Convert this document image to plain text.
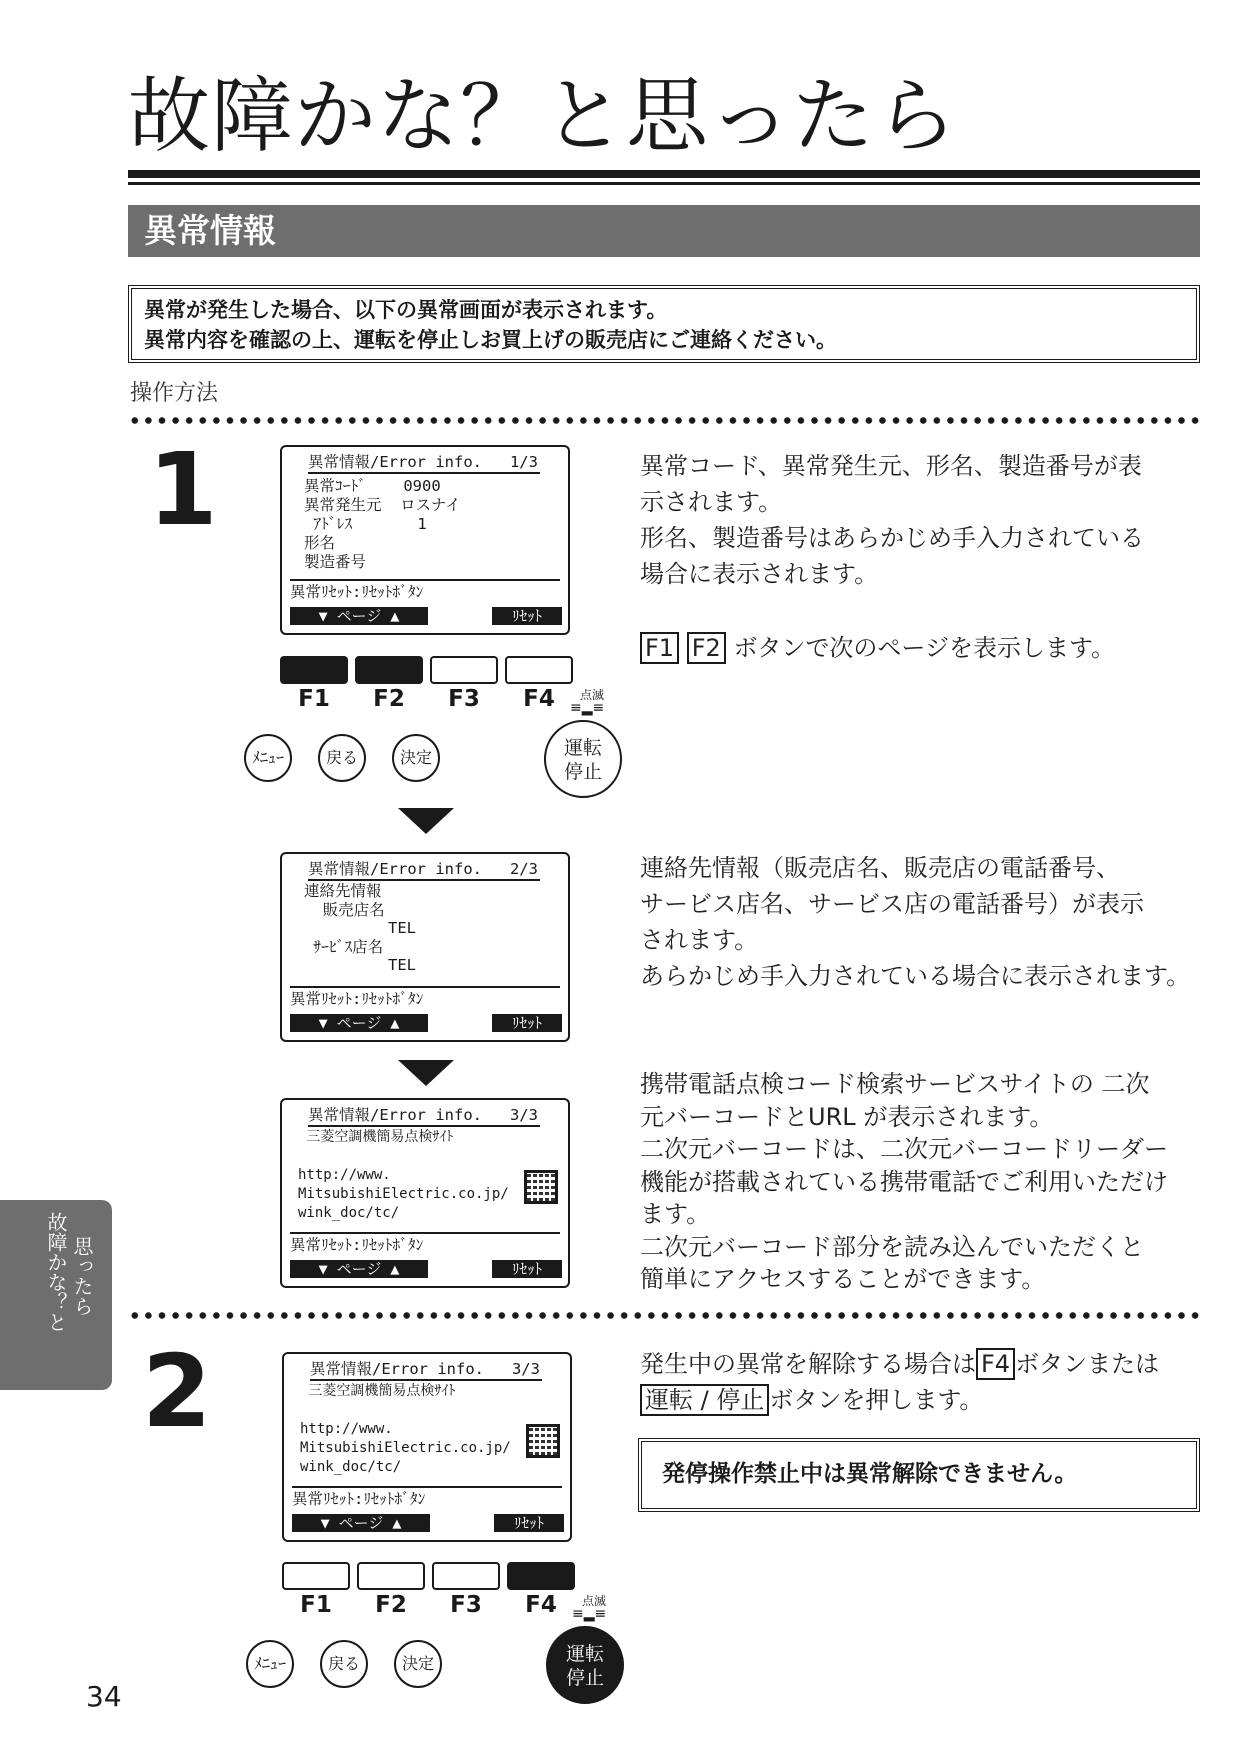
故障かな？と思ったら
異常情報
異常が発生した場合、以下の異常画面が表示されます。
異常内容を確認の上、運転を停止しお買上げの販売店にご連絡ください。
操作方法
1	異常情報/Error info.   1/3
異常ｺｰﾄﾞ    0900
異常発生元  ロスナイ
ｱﾄﾞﾚｽ       1
形名
製造番号
異常ﾘｾｯﾄ:ﾘｾｯﾄﾎﾞﾀﾝ
▼ ページ ▲	ﾘｾｯﾄ
F1	F2	F3	F4	点滅
≡▂≡
ﾒﾆｭｰ	戻る	決定	運転
停止
異常情報/Error info.   2/3
連絡先情報
販売店名
TEL
ｻｰﾋﾞｽ店名
TEL
異常ﾘｾｯﾄ:ﾘｾｯﾄﾎﾞﾀﾝ
▼ ページ ▲	ﾘｾｯﾄ
異常情報/Error info.   3/3
三菱空調機簡易点検ｻｲﾄ

http://www.
MitsubishiElectric.co.jp/
wink_doc/tc/
異常ﾘｾｯﾄ:ﾘｾｯﾄﾎﾞﾀﾝ
▼ ページ ▲	ﾘｾｯﾄ
異常コード、異常発生元、形名、製造番号が表
示されます。
形名、製造番号はあらかじめ手入力されている
場合に表示されます。
F1 F2 ボタンで次のページを表示します。
連絡先情報（販売店名、販売店の電話番号、
サービス店名、サービス店の電話番号）が表示
されます。
あらかじめ手入力されている場合に表示されます。
携帯電話点検コード検索サービスサイトの 二次
元バーコードとURL が表示されます。
二次元バーコードは、二次元バーコードリーダー
機能が搭載されている携帯電話でご利用いただけ
ます。
二次元バーコード部分を読み込んでいただくと
簡単にアクセスすることができます。
2	異常情報/Error info.   3/3
三菱空調機簡易点検ｻｲﾄ

http://www.
MitsubishiElectric.co.jp/
wink_doc/tc/
異常ﾘｾｯﾄ:ﾘｾｯﾄﾎﾞﾀﾝ
▼ ページ ▲	ﾘｾｯﾄ
F1	F2	F3	F4	点滅
≡▂≡
ﾒﾆｭｰ	戻る	決定	運転
停止
発生中の異常を解除する場合は F4 ボタンまたは
運転 / 停止 ボタンを押します。
発停操作禁止中は異常解除できません。
故障かな？と 思ったら
34
